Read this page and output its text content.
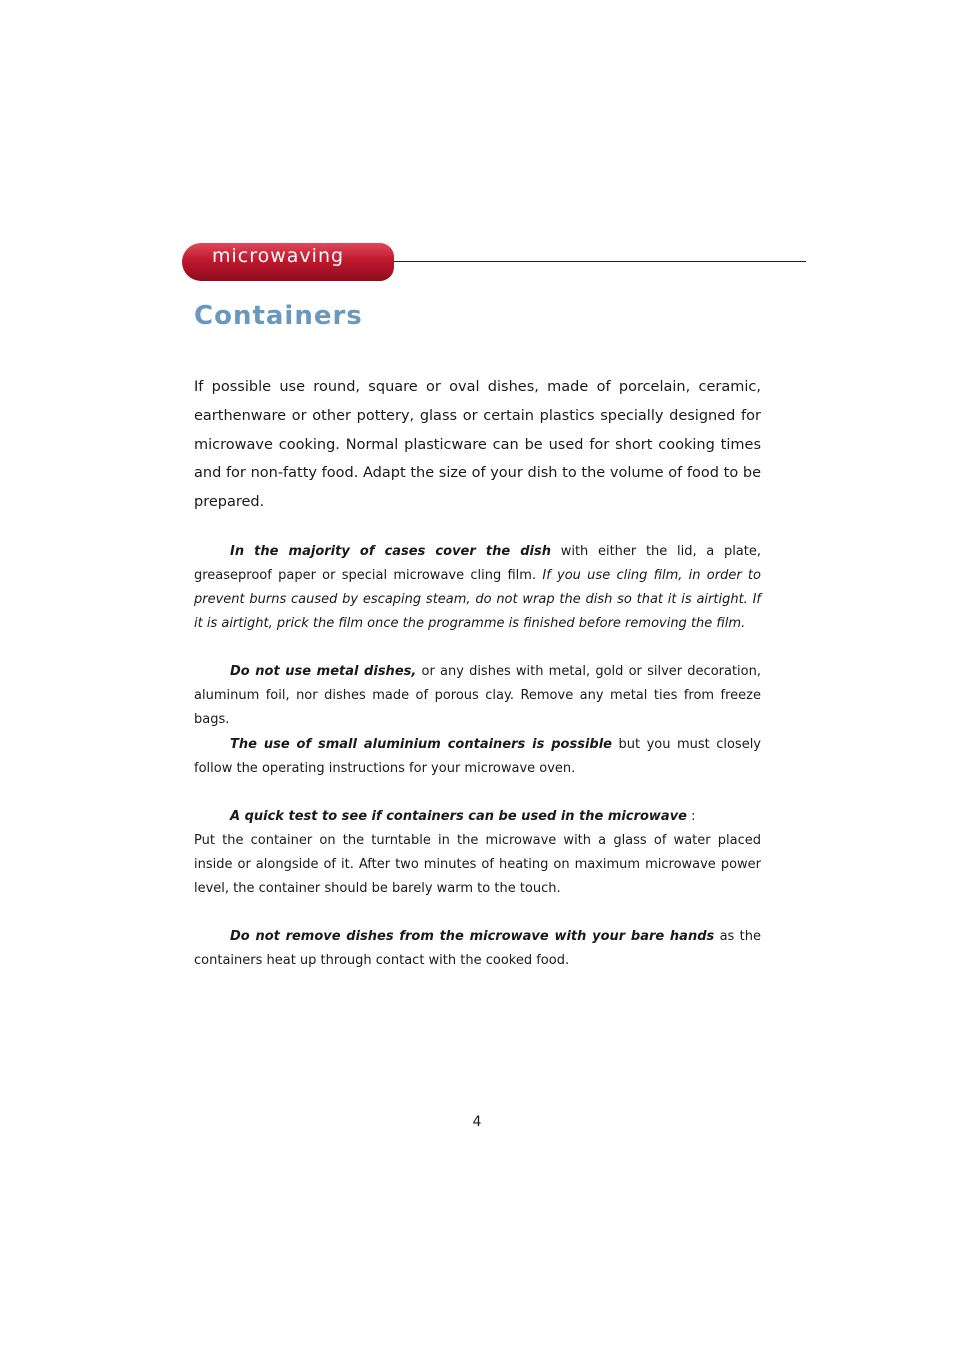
microwaving
Containers

If possible use round, square or oval dishes, made of porcelain, ceramic, earthenware or other pottery, glass or certain plastics specially designed for microwave cooking. Normal plasticware can be used for short cooking times and for non-fatty food. Adapt the size of your dish to the volume of food to be prepared.

In the majority of cases cover the dish with either the lid, a plate, greaseproof paper or special microwave cling film. If you use cling film, in order to prevent burns caused by escaping steam, do not wrap the dish so that it is airtight. If it is airtight, prick the film once the programme is finished before removing the film.

Do not use metal dishes, or any dishes with metal, gold or silver decoration, aluminum foil, nor dishes made of porous clay. Remove any metal ties from freeze bags.

The use of small aluminium containers is possible but you must closely follow the operating instructions for your microwave oven.

A quick test to see if containers can be used in the microwave :
Put the container on the turntable in the microwave with a glass of water placed inside or alongside of it. After two minutes of heating on maximum microwave power level, the container should be barely warm to the touch.

Do not remove dishes from the microwave with your bare hands as the containers heat up through contact with the cooked food.

4
